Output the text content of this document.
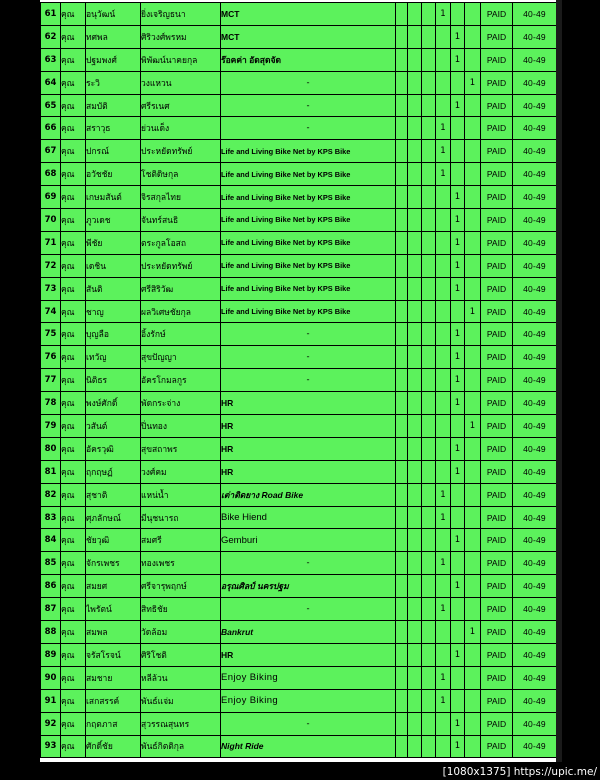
61	คุณ	อนุวัฒน์	ยิ่งเจริญธนา	MCT				1			PAID	40-49
62	คุณ	ทศพล	ศิริวงศ์พรหม	MCT					1		PAID	40-49
63	คุณ	ปฐมพงศ์	พิพัฒน์นาคยกุล	ร๊อคค่า อัดสุดจัด					1		PAID	40-49
64	คุณ	ระวิ	วงแหวน	-						1	PAID	40-49
65	คุณ	สมบัติ	ศรีรเนศ	-					1		PAID	40-49
66	คุณ	สราวุธ	ย่วนเด็ง	-				1			PAID	40-49
67	คุณ	ปกรณ์	ประหยัดทรัพย์	Life and Living Bike Net by KPS Bike				1			PAID	40-49
68	คุณ	อวัชชัย	โชติดิษกุล	Life and Living Bike Net by KPS Bike				1			PAID	40-49
69	คุณ	เกษมสันต์	จิรสกุลไทย	Life and Living Bike Net by KPS Bike					1		PAID	40-49
70	คุณ	ภูวเดช	จันทร์สนธิ	Life and Living Bike Net by KPS Bike					1		PAID	40-49
71	คุณ	พีชัย	ตระกูลโอสถ	Life and Living Bike Net by KPS Bike					1		PAID	40-49
72	คุณ	เดชิน	ประหยัดทรัพย์	Life and Living Bike Net by KPS Bike					1		PAID	40-49
73	คุณ	สันติ	ศรีสิริวัฒ	Life and Living Bike Net by KPS Bike					1		PAID	40-49
74	คุณ	ชาญ	ผลวิเศษชัยกุล	Life and Living Bike Net by KPS Bike						1	PAID	40-49
75	คุณ	บุญลือ	อิ้งรักษ์	-					1		PAID	40-49
76	คุณ	เทวัญ	สุขปัญญา	-					1		PAID	40-49
77	คุณ	นิติธร	อัครโกมลกูร	-					1		PAID	40-49
78	คุณ	พงษ์ศักดิ์	พัดกระจ่าง	HR					1		PAID	40-49
79	คุณ	วสันต์	ปิ่นทอง	HR						1	PAID	40-49
80	คุณ	อัครวุฒิ	สุขสถาพร	HR					1		PAID	40-49
81	คุณ	ฤกฤษฏ์	วงศ์คม	HR					1		PAID	40-49
82	คุณ	สุชาติ	แหน่น้ำ	เต่าติดยาง Road Bike				1			PAID	40-49
83	คุณ	ศุภลักษณ์	มีนุชนารถ	Bike Hiend				1			PAID	40-49
84	คุณ	ชัยวุฒิ	สมศรี	Gemburi					1		PAID	40-49
85	คุณ	จักรเพชร	ทองเพชร	-				1			PAID	40-49
86	คุณ	สมยศ	ศรีจารุพฤกษ์	อรุณศิลป์ นครปฐม					1		PAID	40-49
87	คุณ	ไพรัตน์	สิทธิชัย	-				1			PAID	40-49
88	คุณ	สมพล	วัดล้อม	Bankrut						1	PAID	40-49
89	คุณ	จรัสโรจน์	ศิริโชติ	HR					1		PAID	40-49
90	คุณ	สมชาย	หลีล้วน	Enjoy Biking				1			PAID	40-49
91	คุณ	เสกสรรค์	พันธ์แจ่ม	Enjoy Biking				1			PAID	40-49
92	คุณ	กฤตภาส	สุวรรณสุนทร	-					1		PAID	40-49
93	คุณ	ศักดิ์ชัย	พันธ์กิตติกุล	Night Ride					1		PAID	40-49
[1080x1375] https://upic.me/
